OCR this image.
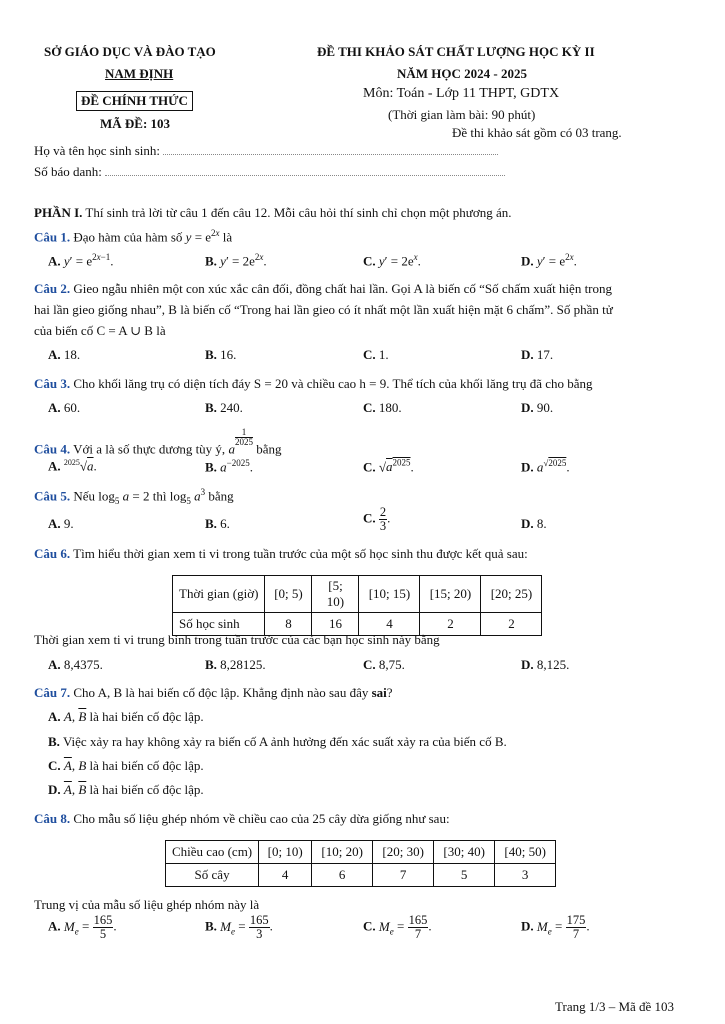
SỞ GIÁO DỤC VÀ ĐÀO TẠO
NAM ĐỊNH
ĐỀ CHÍNH THỨC
MÃ ĐỀ: 103
ĐỀ THI KHẢO SÁT CHẤT LƯỢNG HỌC KỲ II
NĂM HỌC 2024 - 2025
Môn: Toán - Lớp 11 THPT, GDTX
(Thời gian làm bài: 90 phút)
Đề thi khảo sát gồm có 03 trang.
Họ và tên học sinh sinh:
Số báo danh:
PHẦN I. Thí sinh trả lời từ câu 1 đến câu 12. Mỗi câu hỏi thí sinh chỉ chọn một phương án.
Câu 1. Đạo hàm của hàm số $y = e^{2x}$ là
A. $y' = e^{2x-1}$.	B. $y' = 2e^{2x}$.	C. $y' = 2e^x$.	D. $y' = e^{2x}$.
Câu 2. Gieo ngẫu nhiên một con xúc xắc cân đối, đồng chất hai lần. Gọi A là biến cố “Số chấm xuất hiện trong
hai lần gieo giống nhau”, B là biến cố “Trong hai lần gieo có ít nhất một lần xuất hiện mặt 6 chấm”. Số phần tử
của biến cố C = A ∪ B là
A. 18.	B. 16.	C. 1.	D. 17.
Câu 3. Cho khối lăng trụ có diện tích đáy S = 20 và chiều cao h = 9. Thể tích của khối lăng trụ đã cho bằng
A. 60.	B. 240.	C. 180.	D. 90.
Câu 4. Với a là số thực dương tùy ý, a
$\frac{1}{2025}$
bằng
A. $^{2025}$√a.	B. $a^{-2025}$.	C. $√a^{2025}$.	D. $a^{√2025}$.
Câu 5. Nếu $\log_5 a = 2$ thì $\log_5 a^3$ bằng
A. 9.	B. 6.	C. $\frac{2}{3}$ .	D. 8.
Câu 6. Tìm hiểu thời gian xem ti vi trong tuần trước của một số học sinh thu được kết quả sau:
Thời gian (giờ)	[0; 5)	[5; 10)	[10; 15)	[15; 20)	[20; 25)
Số học sinh	8	16	4	2	2
Thời gian xem ti vi trung bình trong tuần trước của các bạn học sinh này bằng
A. 8,4375.	B. 8,28125.	C. 8,75.	D. 8,125.
Câu 7. Cho A, B là hai biến cố độc lập. Khẳng định nào sau đây sai?
A. A, $\overline{B}$ là hai biến cố độc lập.
B. Việc xảy ra hay không xảy ra biến cố A ảnh hưởng đến xác suất xảy ra của biến cố B.
C. $\overline{A}$, B là hai biến cố độc lập.
D. $\overline{A}$, $\overline{B}$ là hai biến cố độc lập.
Câu 8. Cho mẫu số liệu ghép nhóm về chiều cao của 25 cây dừa giống như sau:
Chiều cao (cm)	[0; 10)	[10; 20)	[20; 30)	[30; 40)	[40; 50)
Số cây	4	6	7	5	3
Trung vị của mẫu số liệu ghép nhóm này là
A. $M_e = \frac{165}{5}$ .	B. $M_e = \frac{165}{3}$ .	C. $M_e = \frac{165}{7}$ .	D. $M_e = \frac{175}{7}$ .
Trang 1/3 – Mã đề 103
